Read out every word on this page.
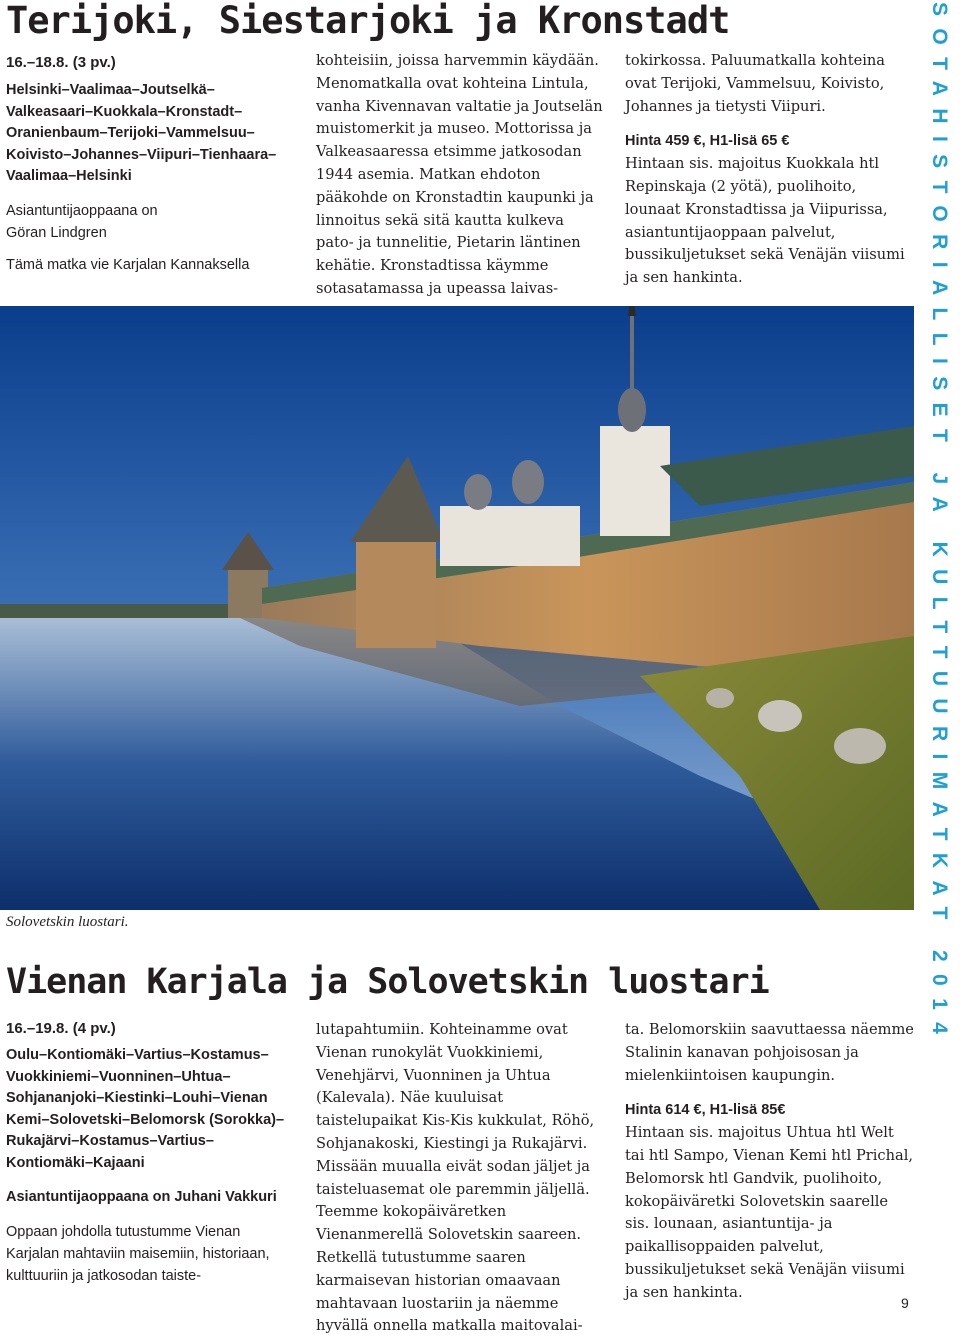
Terijoki, Siestarjoki ja Kronstadt

16.–18.8. (3 pv.)

Helsinki–Vaalimaa–Joutselkä–Valkeasaari–Kuokkala–Kronstadt–Oranienbaum–Terijoki–Vammelsuu–Koivisto–Johannes–Viipuri–Tienhaara–Vaalimaa–Helsinki

Asiantuntijaoppaana on

Göran Lindgren

Tämä matka vie Karjalan Kannaksella

kohteisiin, joissa harvemmin käydään. Menomatkalla ovat kohteina Lintula, vanha Kivennavan valtatie ja Joutselän muistomerkit ja museo. Mottorissa ja Valkeasaaressa etsimme jatkosodan 1944 asemia. Matkan ehdoton pääkohde on Kronstadtin kaupunki ja linnoitus sekä sitä kautta kulkeva pato- ja tunnelitie, Pietarin läntinen kehätie. Kronstadtissa käymme sotasatamassa ja upeassa laivas-

tokirkossa. Paluumatkalla kohteina ovat Terijoki, Vammelsuu, Koivisto, Johannes ja tietysti Viipuri.

Hinta 459 €, H1-lisä 65 €

Hintaan sis. majoitus Kuokkala htl Repinskaja (2 yötä), puolihoito, lounaat Kronstadtissa ja Viipurissa, asiantuntijaoppaan palvelut, bussikuljetukset sekä Venäjän viisumi ja sen hankinta.

Solovetskin luostari.
Vienan Karjala ja Solovetskin luostari

16.–19.8. (4 pv.)

Oulu–Kontiomäki–Vartius–Kostamus–Vuokkiniemi–Vuonninen–Uhtua–Sohjananjoki–Kiestinki–Louhi–Vienan Kemi–Solovetski–Belomorsk (Sorokka)–Rukajärvi–Kostamus–Vartius–Kontiomäki–Kajaani

Asiantuntijaoppaana on Juhani Vakkuri

Oppaan johdolla tutustumme Vienan Karjalan mahtaviin maisemiin, historiaan, kulttuuriin ja jatkosodan taiste-

lutapahtumiin. Kohteinamme ovat Vienan runokylät Vuokkiniemi, Venehjärvi, Vuonninen ja Uhtua (Kalevala). Näe kuuluisat taistelupaikat Kis-Kis kukkulat, Röhö, Sohjanakoski, Kiestingi ja Rukajärvi. Missään muualla eivät sodan jäljet ja taisteluasemat ole paremmin jäljellä. Teemme kokopäiväretken Vienanmerellä Solovetskin saareen. Retkellä tutustumme saaren karmaisevan historian omaavaan mahtavaan luostariin ja näemme hyvällä onnella matkalla maitovalai-

ta. Belomorskiin saavuttaessa näemme Stalinin kanavan pohjoisosan ja mielenkiintoisen kaupungin.

Hinta 614 €, H1-lisä 85€

Hintaan sis. majoitus Uhtua htl Welt tai htl Sampo, Vienan Kemi htl Prichal, Belomorsk htl Gandvik, puolihoito, kokopäiväretki Solovetskin saarelle sis. lounaan, asiantuntija- ja paikallisoppaiden palvelut, bussikuljetukset sekä Venäjän viisumi ja sen hankinta.

SOTAHISTORIALLISET JA KULTTUURIMATKAT 2014
9
